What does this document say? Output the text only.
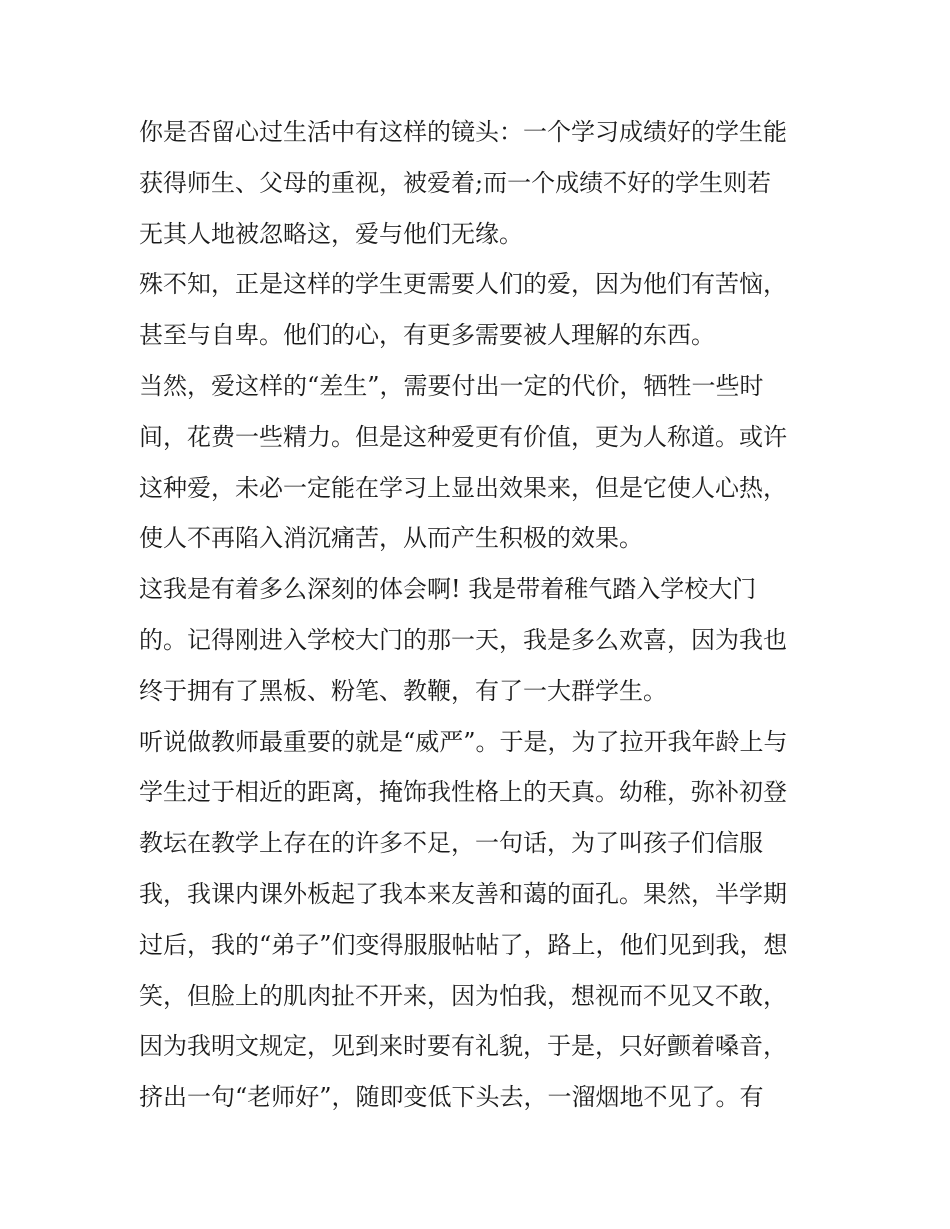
你是否留心过生活中有这样的镜头：一个学习成绩好的学生能
获得师生、父母的重视，被爱着;而一个成绩不好的学生则若
无其人地被忽略这，爱与他们无缘。
殊不知，正是这样的学生更需要人们的爱，因为他们有苦恼，
甚至与自卑。他们的心，有更多需要被人理解的东西。
当然，爱这样的“差生”，需要付出一定的代价，牺牲一些时
间，花费一些精力。但是这种爱更有价值，更为人称道。或许
这种爱，未必一定能在学习上显出效果来，但是它使人心热，
使人不再陷入消沉痛苦，从而产生积极的效果。
这我是有着多么深刻的体会啊! 我是带着稚气踏入学校大门
的。记得刚进入学校大门的那一天，我是多么欢喜，因为我也
终于拥有了黑板、粉笔、教鞭，有了一大群学生。
听说做教师最重要的就是“威严”。于是，为了拉开我年龄上与
学生过于相近的距离，掩饰我性格上的天真。幼稚，弥补初登
教坛在教学上存在的许多不足，一句话，为了叫孩子们信服
我，我课内课外板起了我本来友善和蔼的面孔。果然，半学期
过后，我的“弟子”们变得服服帖帖了，路上，他们见到我，想
笑，但脸上的肌肉扯不开来，因为怕我，想视而不见又不敢，
因为我明文规定，见到来时要有礼貌，于是，只好颤着嗓音，
挤出一句“老师好”，随即变低下头去，一溜烟地不见了。有
